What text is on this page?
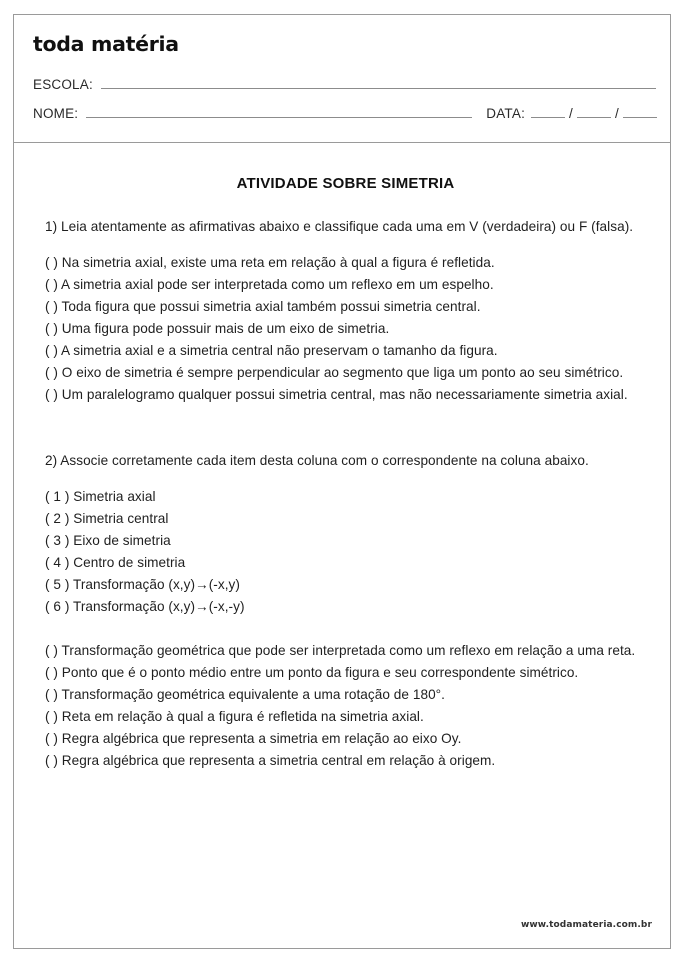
toda matéria
ESCOLA:
NOME:	DATA:	/	/
ATIVIDADE SOBRE SIMETRIA

1) Leia atentamente as afirmativas abaixo e classifique cada uma em V (verdadeira) ou F (falsa).

( ) Na simetria axial, existe uma reta em relação à qual a figura é refletida.
( ) A simetria axial pode ser interpretada como um reflexo em um espelho.
( ) Toda figura que possui simetria axial também possui simetria central.
( ) Uma figura pode possuir mais de um eixo de simetria.
( ) A simetria axial e a simetria central não preservam o tamanho da figura.
( ) O eixo de simetria é sempre perpendicular ao segmento que liga um ponto ao seu simétrico.
( ) Um paralelogramo qualquer possui simetria central, mas não necessariamente simetria axial.

2) Associe corretamente cada item desta coluna com o correspondente na coluna abaixo.

( 1 ) Simetria axial
( 2 ) Simetria central
( 3 ) Eixo de simetria
( 4 ) Centro de simetria
( 5 ) Transformação (x,y)→(-x,y)
( 6 ) Transformação (x,y)→(-x,-y)
( ) Transformação geométrica que pode ser interpretada como um reflexo em relação a uma reta.
( ) Ponto que é o ponto médio entre um ponto da figura e seu correspondente simétrico.
( ) Transformação geométrica equivalente a uma rotação de 180°.
( ) Reta em relação à qual a figura é refletida na simetria axial.
( ) Regra algébrica que representa a simetria em relação ao eixo Oy.
( ) Regra algébrica que representa a simetria central em relação à origem.
www.todamateria.com.br
